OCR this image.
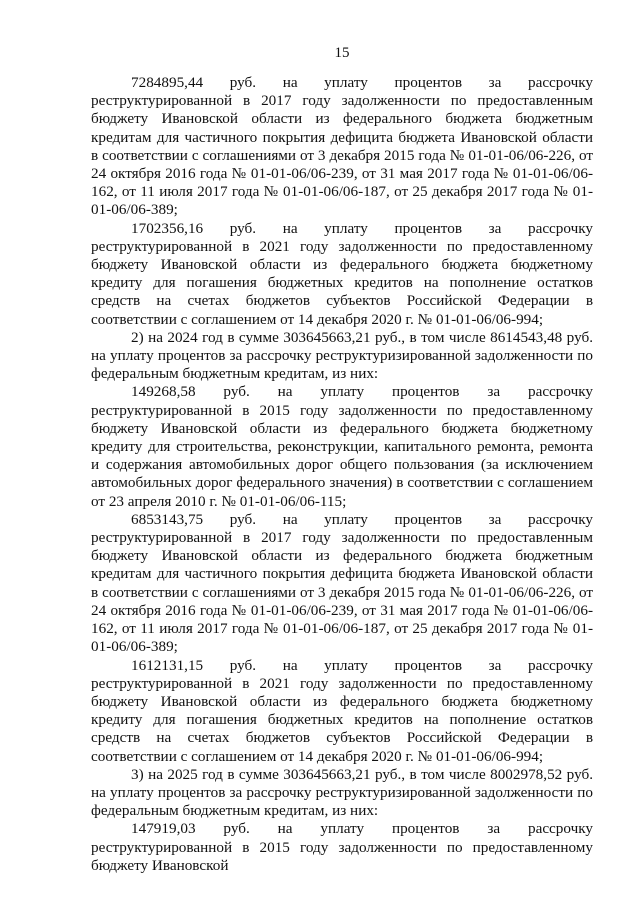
15

7284895,44 руб. на уплату процентов за рассрочку реструктурированной в 2017 году задолженности по предоставленным бюджету Ивановской области из федерального бюджета бюджетным кредитам для частичного покрытия дефицита бюджета Ивановской области в соответствии с соглашениями от 3 декабря 2015 года № 01-01-06/06-226, от 24 октября 2016 года № 01-01-06/06-239, от 31 мая 2017 года № 01-01-06/06-162, от 11 июля 2017 года № 01-01-06/06-187, от 25 декабря 2017 года № 01-01-06/06-389;

1702356,16 руб. на уплату процентов за рассрочку реструктурированной в 2021 году задолженности по предоставленному бюджету Ивановской области из федерального бюджета бюджетному кредиту для погашения бюджетных кредитов на пополнение остатков средств на счетах бюджетов субъектов Российской Федерации в соответствии с соглашением от 14 декабря 2020 г. № 01-01-06/06-994;

2) на 2024 год в сумме 303645663,21 руб., в том числе 8614543,48 руб. на уплату процентов за рассрочку реструктуризированной задолженности по федеральным бюджетным кредитам, из них:

149268,58 руб. на уплату процентов за рассрочку реструктурированной в 2015 году задолженности по предоставленному бюджету Ивановской области из федерального бюджета бюджетному кредиту для строительства, реконструкции, капитального ремонта, ремонта и содержания автомобильных дорог общего пользования (за исключением автомобильных дорог федерального значения) в соответствии с соглашением от 23 апреля 2010 г. № 01-01-06/06-115;

6853143,75 руб. на уплату процентов за рассрочку реструктурированной в 2017 году задолженности по предоставленным бюджету Ивановской области из федерального бюджета бюджетным кредитам для частичного покрытия дефицита бюджета Ивановской области в соответствии с соглашениями от 3 декабря 2015 года № 01-01-06/06-226, от 24 октября 2016 года № 01-01-06/06-239, от 31 мая 2017 года № 01-01-06/06-162, от 11 июля 2017 года № 01-01-06/06-187, от 25 декабря 2017 года № 01-01-06/06-389;

1612131,15 руб. на уплату процентов за рассрочку реструктурированной в 2021 году задолженности по предоставленному бюджету Ивановской области из федерального бюджета бюджетному кредиту для погашения бюджетных кредитов на пополнение остатков средств на счетах бюджетов субъектов Российской Федерации в соответствии с соглашением от 14 декабря 2020 г. № 01-01-06/06-994;

3) на 2025 год в сумме 303645663,21 руб., в том числе 8002978,52 руб. на уплату процентов за рассрочку реструктуризированной задолженности по федеральным бюджетным кредитам, из них:

147919,03 руб. на уплату процентов за рассрочку реструктурированной в 2015 году задолженности по предоставленному бюджету Ивановской
